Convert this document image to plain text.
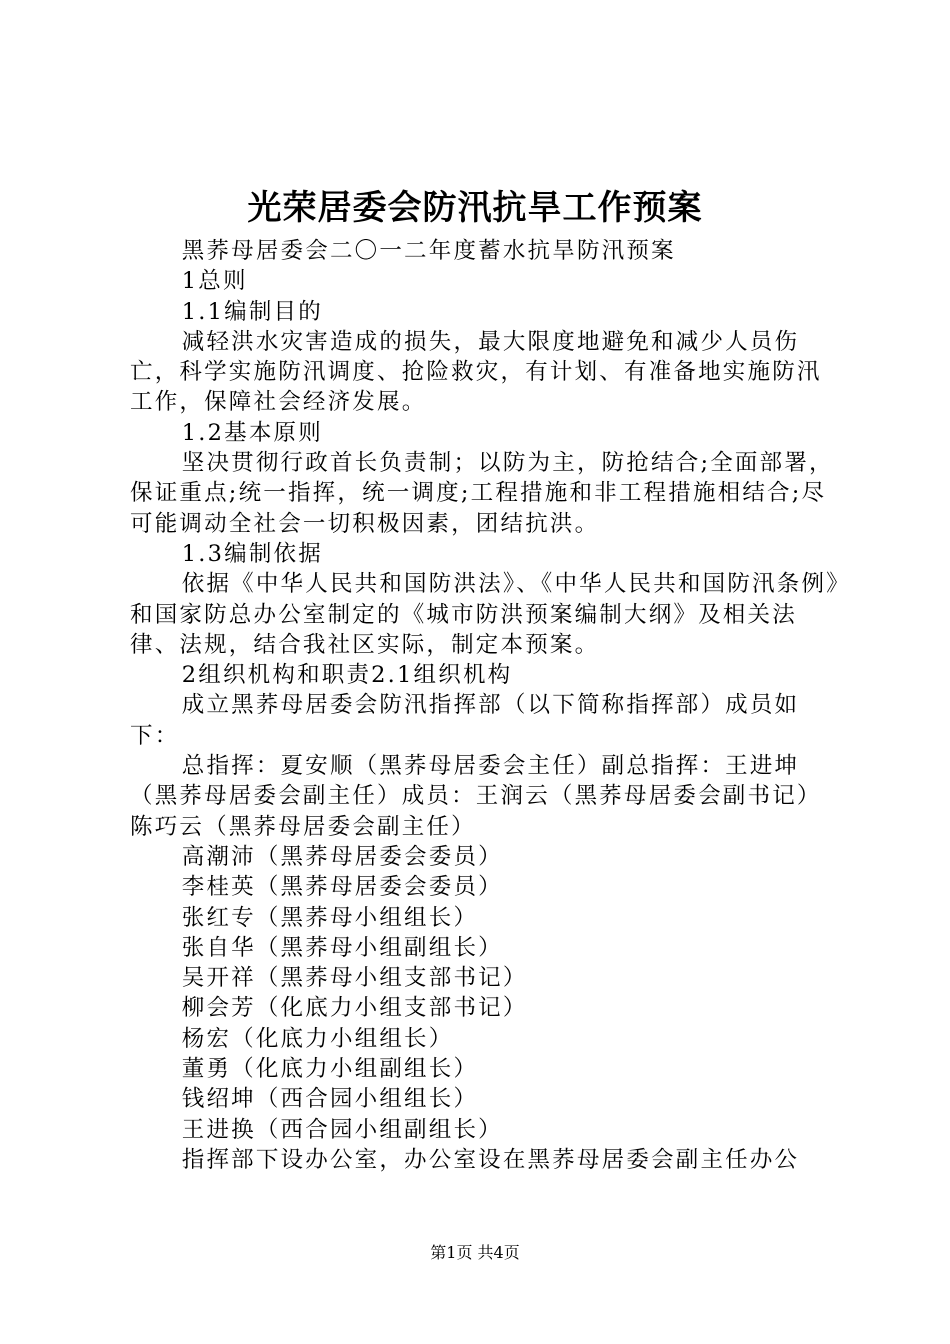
光荣居委会防汛抗旱工作预案

黑荞母居委会二〇一二年度蓄水抗旱防汛预案

1总则

1.1编制目的

减轻洪水灾害造成的损失，最大限度地避免和减少人员伤亡，科学实施防汛调度、抢险救灾，有计划、有准备地实施防汛工作，保障社会经济发展。

1.2基本原则

坚决贯彻行政首长负责制；以防为主，防抢结合;全面部署，保证重点;统一指挥，统一调度;工程措施和非工程措施相结合;尽可能调动全社会一切积极因素，团结抗洪。

1.3编制依据

依据《中华人民共和国防洪法》、《中华人民共和国防汛条例》和国家防总办公室制定的《城市防洪预案编制大纲》及相关法律、法规，结合我社区实际，制定本预案。

2组织机构和职责2.1组织机构

成立黑荞母居委会防汛指挥部（以下简称指挥部）成员如下：

总指挥：夏安顺（黑荞母居委会主任）副总指挥：王进坤（黑荞母居委会副主任）成员：王润云（黑荞母居委会副书记）陈巧云（黑荞母居委会副主任）

高潮沛（黑荞母居委会委员）

李桂英（黑荞母居委会委员）

张红专（黑荞母小组组长）

张自华（黑荞母小组副组长）

吴开祥（黑荞母小组支部书记）

柳会芳（化底力小组支部书记）

杨宏（化底力小组组长）

董勇（化底力小组副组长）

钱绍坤（西合园小组组长）

王进换（西合园小组副组长）

指挥部下设办公室，办公室设在黑荞母居委会副主任办公

第1页 共4页
